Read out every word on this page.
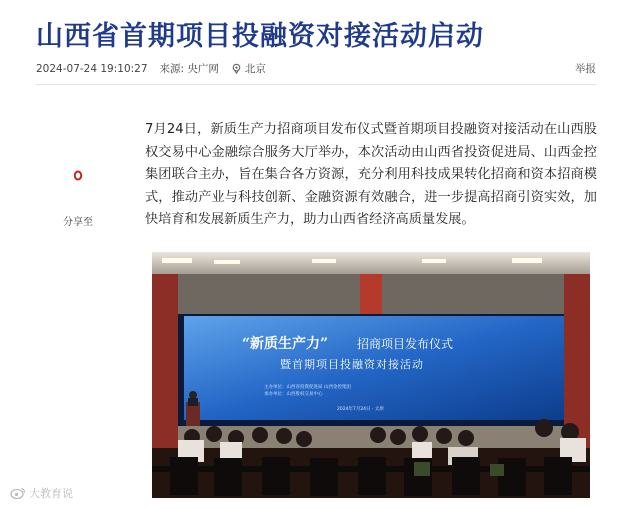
山西省首期项目投融资对接活动启动
2024-07-24 19:10:27 来源: 央广网 北京	举报
分享至
7月24日，新质生产力招商项目发布仪式暨首期项目投融资对接活动在山西股权交易中心金融综合服务大厅举办，本次活动由山西省投资促进局、山西金控集团联合主办，旨在集合各方资源，充分利用科技成果转化招商和资本招商模式，推动产业与科技创新、金融资源有效融合，进一步提高招商引资实效，加快培育和发展新质生产力，助力山西省经济高质量发展。
“新质生产力” 招商项目发布仪式
暨首期项目投融资对接活动
主办单位：山西省投资促进局 山西金控集团
承办单位：山西股权交易中心
2024年7月24日 · 太原
大教育说
